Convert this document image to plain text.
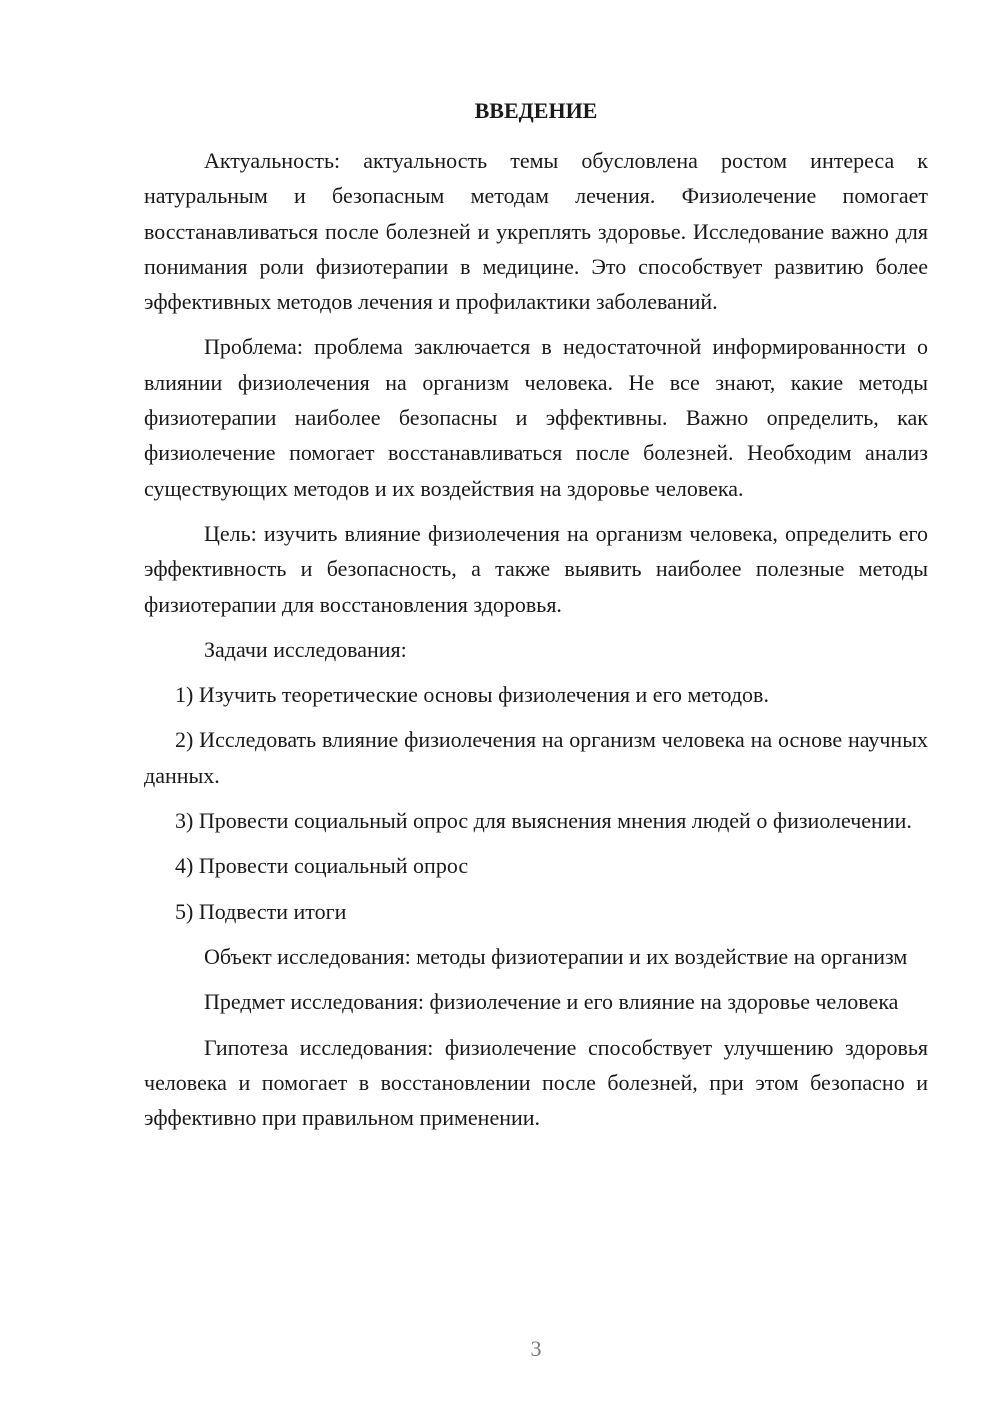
ВВЕДЕНИЕ

Актуальность: актуальность темы обусловлена ростом интереса к натуральным и безопасным методам лечения. Физиолечение помогает восстанавливаться после болезней и укреплять здоровье. Исследование важно для понимания роли физиотерапии в медицине. Это способствует развитию более эффективных методов лечения и профилактики заболеваний.

Проблема: проблема заключается в недостаточной информированности о влиянии физиолечения на организм человека. Не все знают, какие методы физиотерапии наиболее безопасны и эффективны. Важно определить, как физиолечение помогает восстанавливаться после болезней. Необходим анализ существующих методов и их воздействия на здоровье человека.

Цель: изучить влияние физиолечения на организм человека, определить его эффективность и безопасность, а также выявить наиболее полезные методы физиотерапии для восстановления здоровья.

Задачи исследования:

1) Изучить теоретические основы физиолечения и его методов.

2) Исследовать влияние физиолечения на организм человека на основе научных данных.

3) Провести социальный опрос для выяснения мнения людей о физиолечении.

4) Провести социальный опрос

5) Подвести итоги

Объект исследования: методы физиотерапии и их воздействие на организм

Предмет исследования: физиолечение и его влияние на здоровье человека

Гипотеза исследования: физиолечение способствует улучшению здоровья человека и помогает в восстановлении после болезней, при этом безопасно и эффективно при правильном применении.

3
